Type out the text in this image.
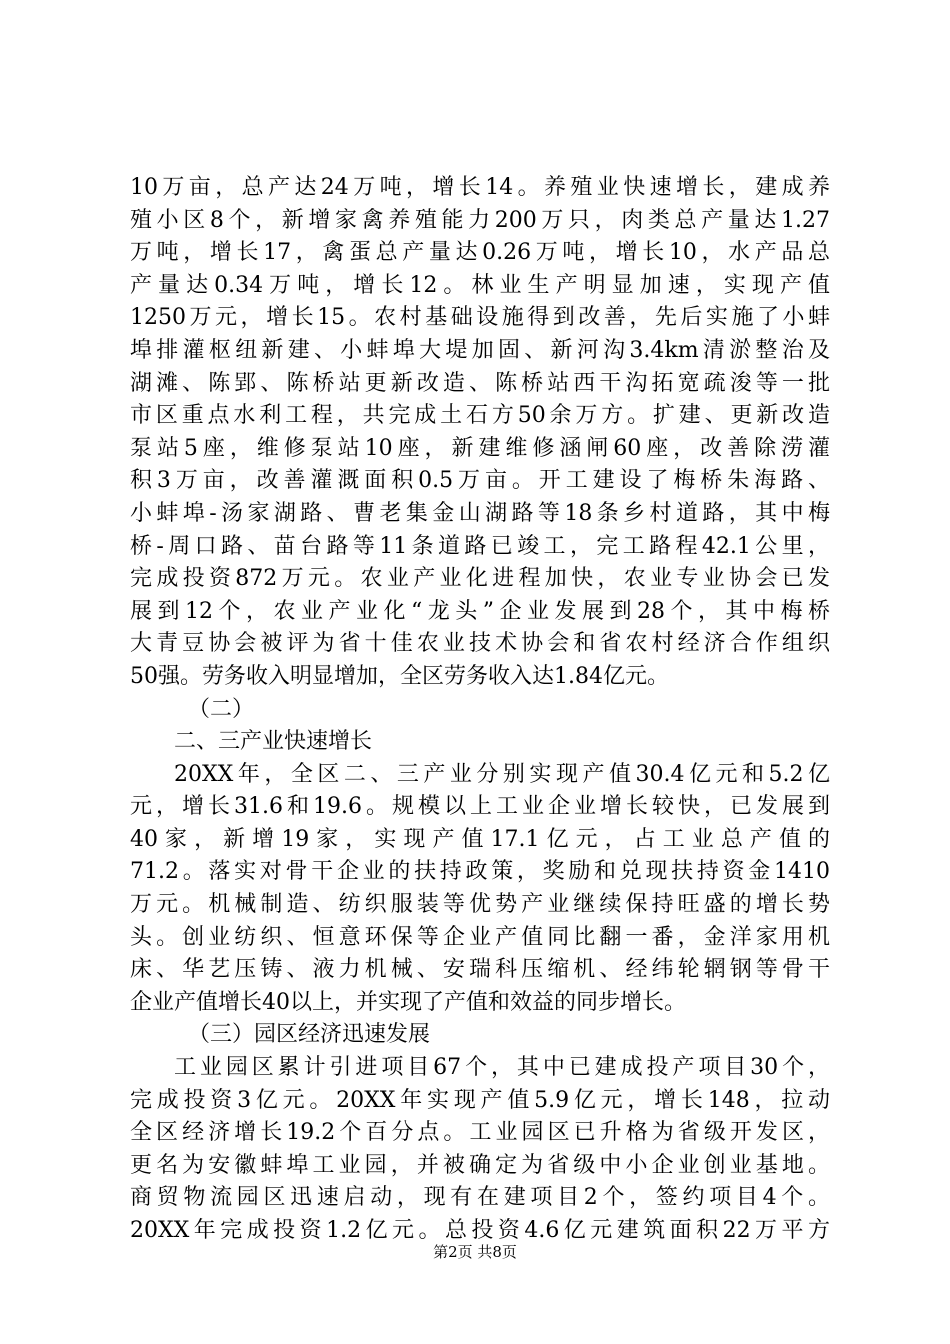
10万亩，总产达24万吨，增长14。养殖业快速增长，建成养
殖小区8个，新增家禽养殖能力200万只，肉类总产量达1.27
万吨，增长17，禽蛋总产量达0.26万吨，增长10，水产品总
产量达0.34万吨，增长12。林业生产明显加速，实现产值
1250万元，增长15。农村基础设施得到改善，先后实施了小蚌
埠排灌枢纽新建、小蚌埠大堤加固、新河沟3.4km清淤整治及
湖滩、陈郢、陈桥站更新改造、陈桥站西干沟拓宽疏浚等一批
市区重点水利工程，共完成土石方50余万方。扩建、更新改造
泵站5座，维修泵站10座，新建维修涵闸60座，改善除涝灌
积3万亩，改善灌溉面积0.5万亩。开工建设了梅桥朱海路、
小蚌埠-汤家湖路、曹老集金山湖路等18条乡村道路，其中梅
桥-周口路、苗台路等11条道路已竣工，完工路程42.1公里，
完成投资872万元。农业产业化进程加快，农业专业协会已发
展到12个，农业产业化“龙头”企业发展到28个，其中梅桥
大青豆协会被评为省十佳农业技术协会和省农村经济合作组织
50强。劳务收入明显增加，全区劳务收入达1.84亿元。
（二）
二、三产业快速增长
20XX年，全区二、三产业分别实现产值30.4亿元和5.2亿
元，增长31.6和19.6。规模以上工业企业增长较快，已发展到
40家，新增19家，实现产值17.1亿元，占工业总产值的
71.2。落实对骨干企业的扶持政策，奖励和兑现扶持资金1410
万元。机械制造、纺织服装等优势产业继续保持旺盛的增长势
头。创业纺织、恒意环保等企业产值同比翻一番，金洋家用机
床、华艺压铸、液力机械、安瑞科压缩机、经纬轮辋钢等骨干
企业产值增长40以上，并实现了产值和效益的同步增长。
（三）园区经济迅速发展
工业园区累计引进项目67个，其中已建成投产项目30个，
完成投资3亿元。20XX年实现产值5.9亿元，增长148，拉动
全区经济增长19.2个百分点。工业园区已升格为省级开发区，
更名为安徽蚌埠工业园，并被确定为省级中小企业创业基地。
商贸物流园区迅速启动，现有在建项目2个，签约项目4个。
20XX年完成投资1.2亿元。总投资4.6亿元建筑面积22万平方
第2页 共8页
